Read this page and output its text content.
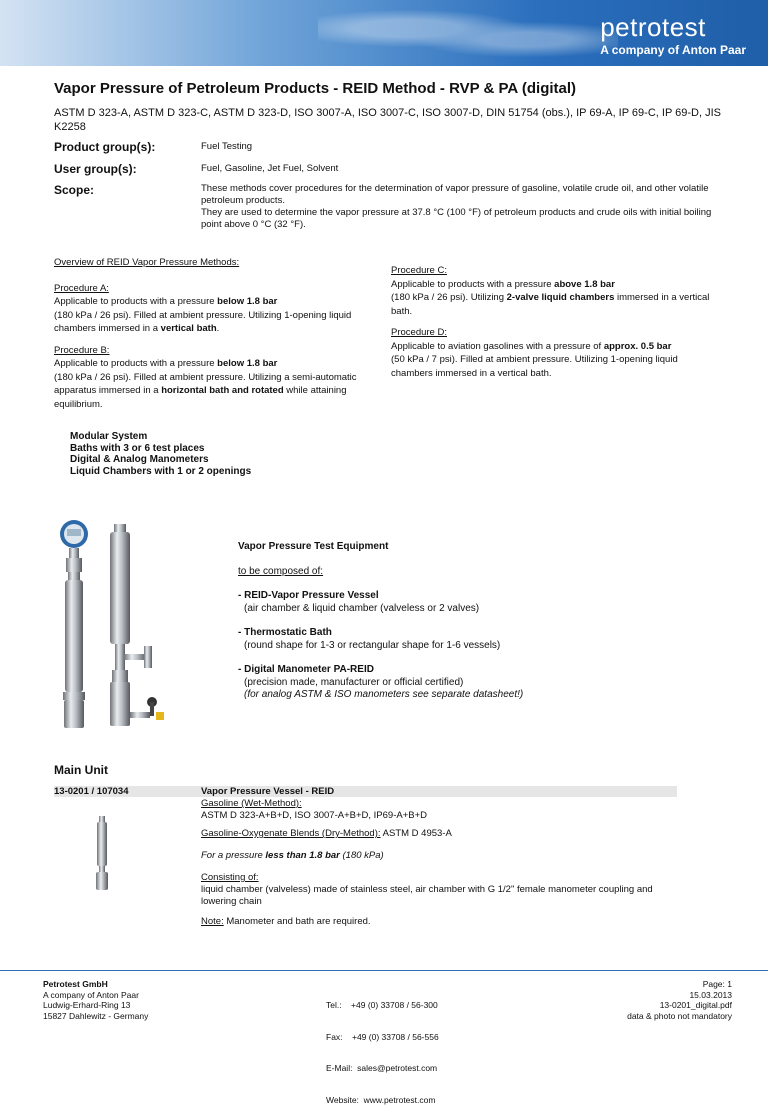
petrotest
A company of Anton Paar
Vapor Pressure of Petroleum Products - REID Method - RVP & PA (digital)
ASTM D 323-A, ASTM D 323-C, ASTM D 323-D, ISO 3007-A, ISO 3007-C, ISO 3007-D, DIN 51754 (obs.), IP 69-A, IP 69-C, IP 69-D, JIS K2258
Product group(s):	Fuel Testing
User group(s):	Fuel, Gasoline, Jet Fuel, Solvent
Scope:	These methods cover procedures for the determination of vapor pressure of gasoline, volatile crude oil, and other volatile petroleum products.
They are used to determine the vapor pressure at 37.8 °C (100 °F) of petroleum products and crude oils with initial boiling point above 0 °C (32 °F).
Overview of REID Vapor Pressure Methods:
Procedure A:
Applicable to products with a pressure below 1.8 bar
(180 kPa / 26 psi). Filled at ambient pressure. Utilizing 1-opening liquid chambers immersed in a vertical bath.
Procedure B:
Applicable to products with a pressure below 1.8 bar
(180 kPa / 26 psi). Filled at ambient pressure. Utilizing a semi-automatic apparatus immersed in a horizontal bath and rotated while attaining equilibrium.
Procedure C:
Applicable to products with a pressure above 1.8 bar
(180 kPa / 26 psi). Utilizing 2-valve liquid chambers immersed in a vertical bath.
Procedure D:
Applicable to aviation gasolines with a pressure of approx. 0.5 bar
(50 kPa / 7 psi). Filled at ambient pressure. Utilizing 1-opening liquid chambers immersed in a vertical bath.
Modular System
Baths with 3 or 6 test places
Digital & Analog Manometers
Liquid Chambers with 1 or 2 openings
Vapor Pressure Test Equipment
to be composed of:
- REID-Vapor Pressure Vessel
(air chamber & liquid chamber (valveless or 2 valves)
- Thermostatic Bath
(round shape for 1-3 or rectangular shape for 1-6 vessels)
- Digital Manometer PA-REID
(precision made, manufacturer or official certified)
(for analog ASTM & ISO manometers see separate datasheet!)
Main Unit
13-0201 / 107034	Vapor Pressure Vessel - REID

Gasoline (Wet-Method):

ASTM D 323-A+B+D, ISO 3007-A+B+D, IP69-A+B+D

Gasoline-Oxygenate Blends (Dry-Method): ASTM D 4953-A

For a pressure less than 1.8 bar (180 kPa)

Consisting of:

liquid chamber (valveless) made of stainless steel, air chamber with G 1/2" female manometer coupling and lowering chain

Note: Manometer and bath are required.

Petrotest GmbH
A company of Anton Paar
Ludwig-Erhard-Ring 13
15827 Dahlewitz - Germany

Tel.:    +49 (0) 33708 / 56-300

Fax:    +49 (0) 33708 / 56-556

E-Mail:  sales@petrotest.com

Website:  www.petrotest.com

Page: 1
15.03.2013
13-0201_digital.pdf
data & photo not mandatory
